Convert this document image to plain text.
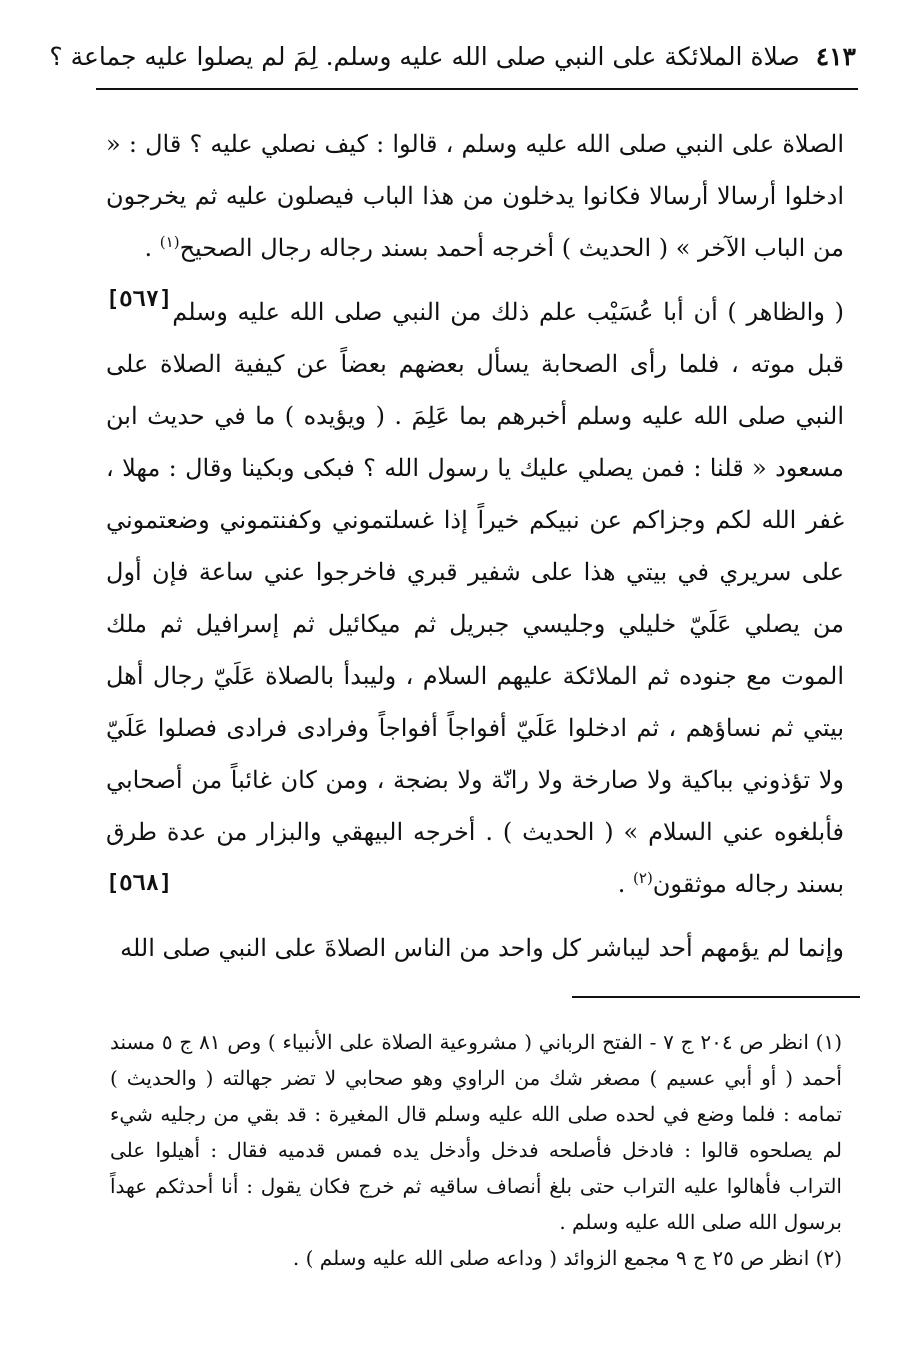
٤١٣
صلاة الملائكة على النبي صلى الله عليه وسلم. لِمَ لم يصلوا عليه جماعة ؟

الصلاة على النبي صلى الله عليه وسلم ، قالوا : كيف نصلي عليه ؟ قال : « ادخلوا أرسالا أرسالا فكانوا يدخلون من هذا الباب فيصلون عليه ثم يخرجون من الباب الآخر » ( الحديث ) أخرجه أحمد بسند رجاله رجال الصحيح$^{(١)}$ .
[٥٦٧] ( والظاهر ) أن أبا عُسَيْب علم ذلك من النبي صلى الله عليه وسلم قبل موته ، فلما رأى الصحابة يسأل بعضهم بعضاً عن كيفية الصلاة على النبي صلى الله عليه وسلم أخبرهم بما عَلِمَ . ( ويؤيده ) ما في حديث ابن مسعود « قلنا : فمن يصلي عليك يا رسول الله ؟ فبكى وبكينا وقال : مهلا ، غفر الله لكم وجزاكم عن نبيكم خيراً إذا غسلتموني وكفنتموني وضعتموني على سريري في بيتي هذا على شفير قبري فاخرجوا عني ساعة فإن أول من يصلي عَلَيّ خليلي وجليسي جبريل ثم ميكائيل ثم إسرافيل ثم ملك الموت مع جنوده ثم الملائكة عليهم السلام ، وليبدأ بالصلاة عَلَيّ رجال أهل بيتي ثم نساؤهم ، ثم ادخلوا عَلَيّ أفواجاً أفواجاً وفرادى فرادى فصلوا عَلَيّ ولا تؤذوني بباكية ولا صارخة ولا رانّة ولا بضجة ، ومن كان غائباً من أصحابي فأبلغوه عني السلام » ( الحديث ) . أخرجه البيهقي والبزار من عدة طرق بسند رجاله موثقون$^{(٢)}$ .
[٥٦٨]

وإنما لم يؤمهم أحد ليباشر كل واحد من الناس الصلاةَ على النبي صلى الله

(١) انظر ص ٢٠٤ ج ٧ - الفتح الرباني ( مشروعية الصلاة على الأنبياء ) وص ٨١ ج ٥ مسند أحمد ( أو أبي عسيم ) مصغر شك من الراوي وهو صحابي لا تضر جهالته ( والحديث ) تمامه : فلما وضع في لحده صلى الله عليه وسلم قال المغيرة : قد بقي من رجليه شيء لم يصلحوه قالوا : فادخل فأصلحه فدخل وأدخل يده فمس قدميه فقال : أهيلوا على التراب فأهالوا عليه التراب حتى بلغ أنصاف ساقيه ثم خرج فكان يقول : أنا أحدثكم عهداً برسول الله صلى الله عليه وسلم .

(٢) انظر ص ٢٥ ج ٩ مجمع الزوائد ( وداعه صلى الله عليه وسلم ) .
